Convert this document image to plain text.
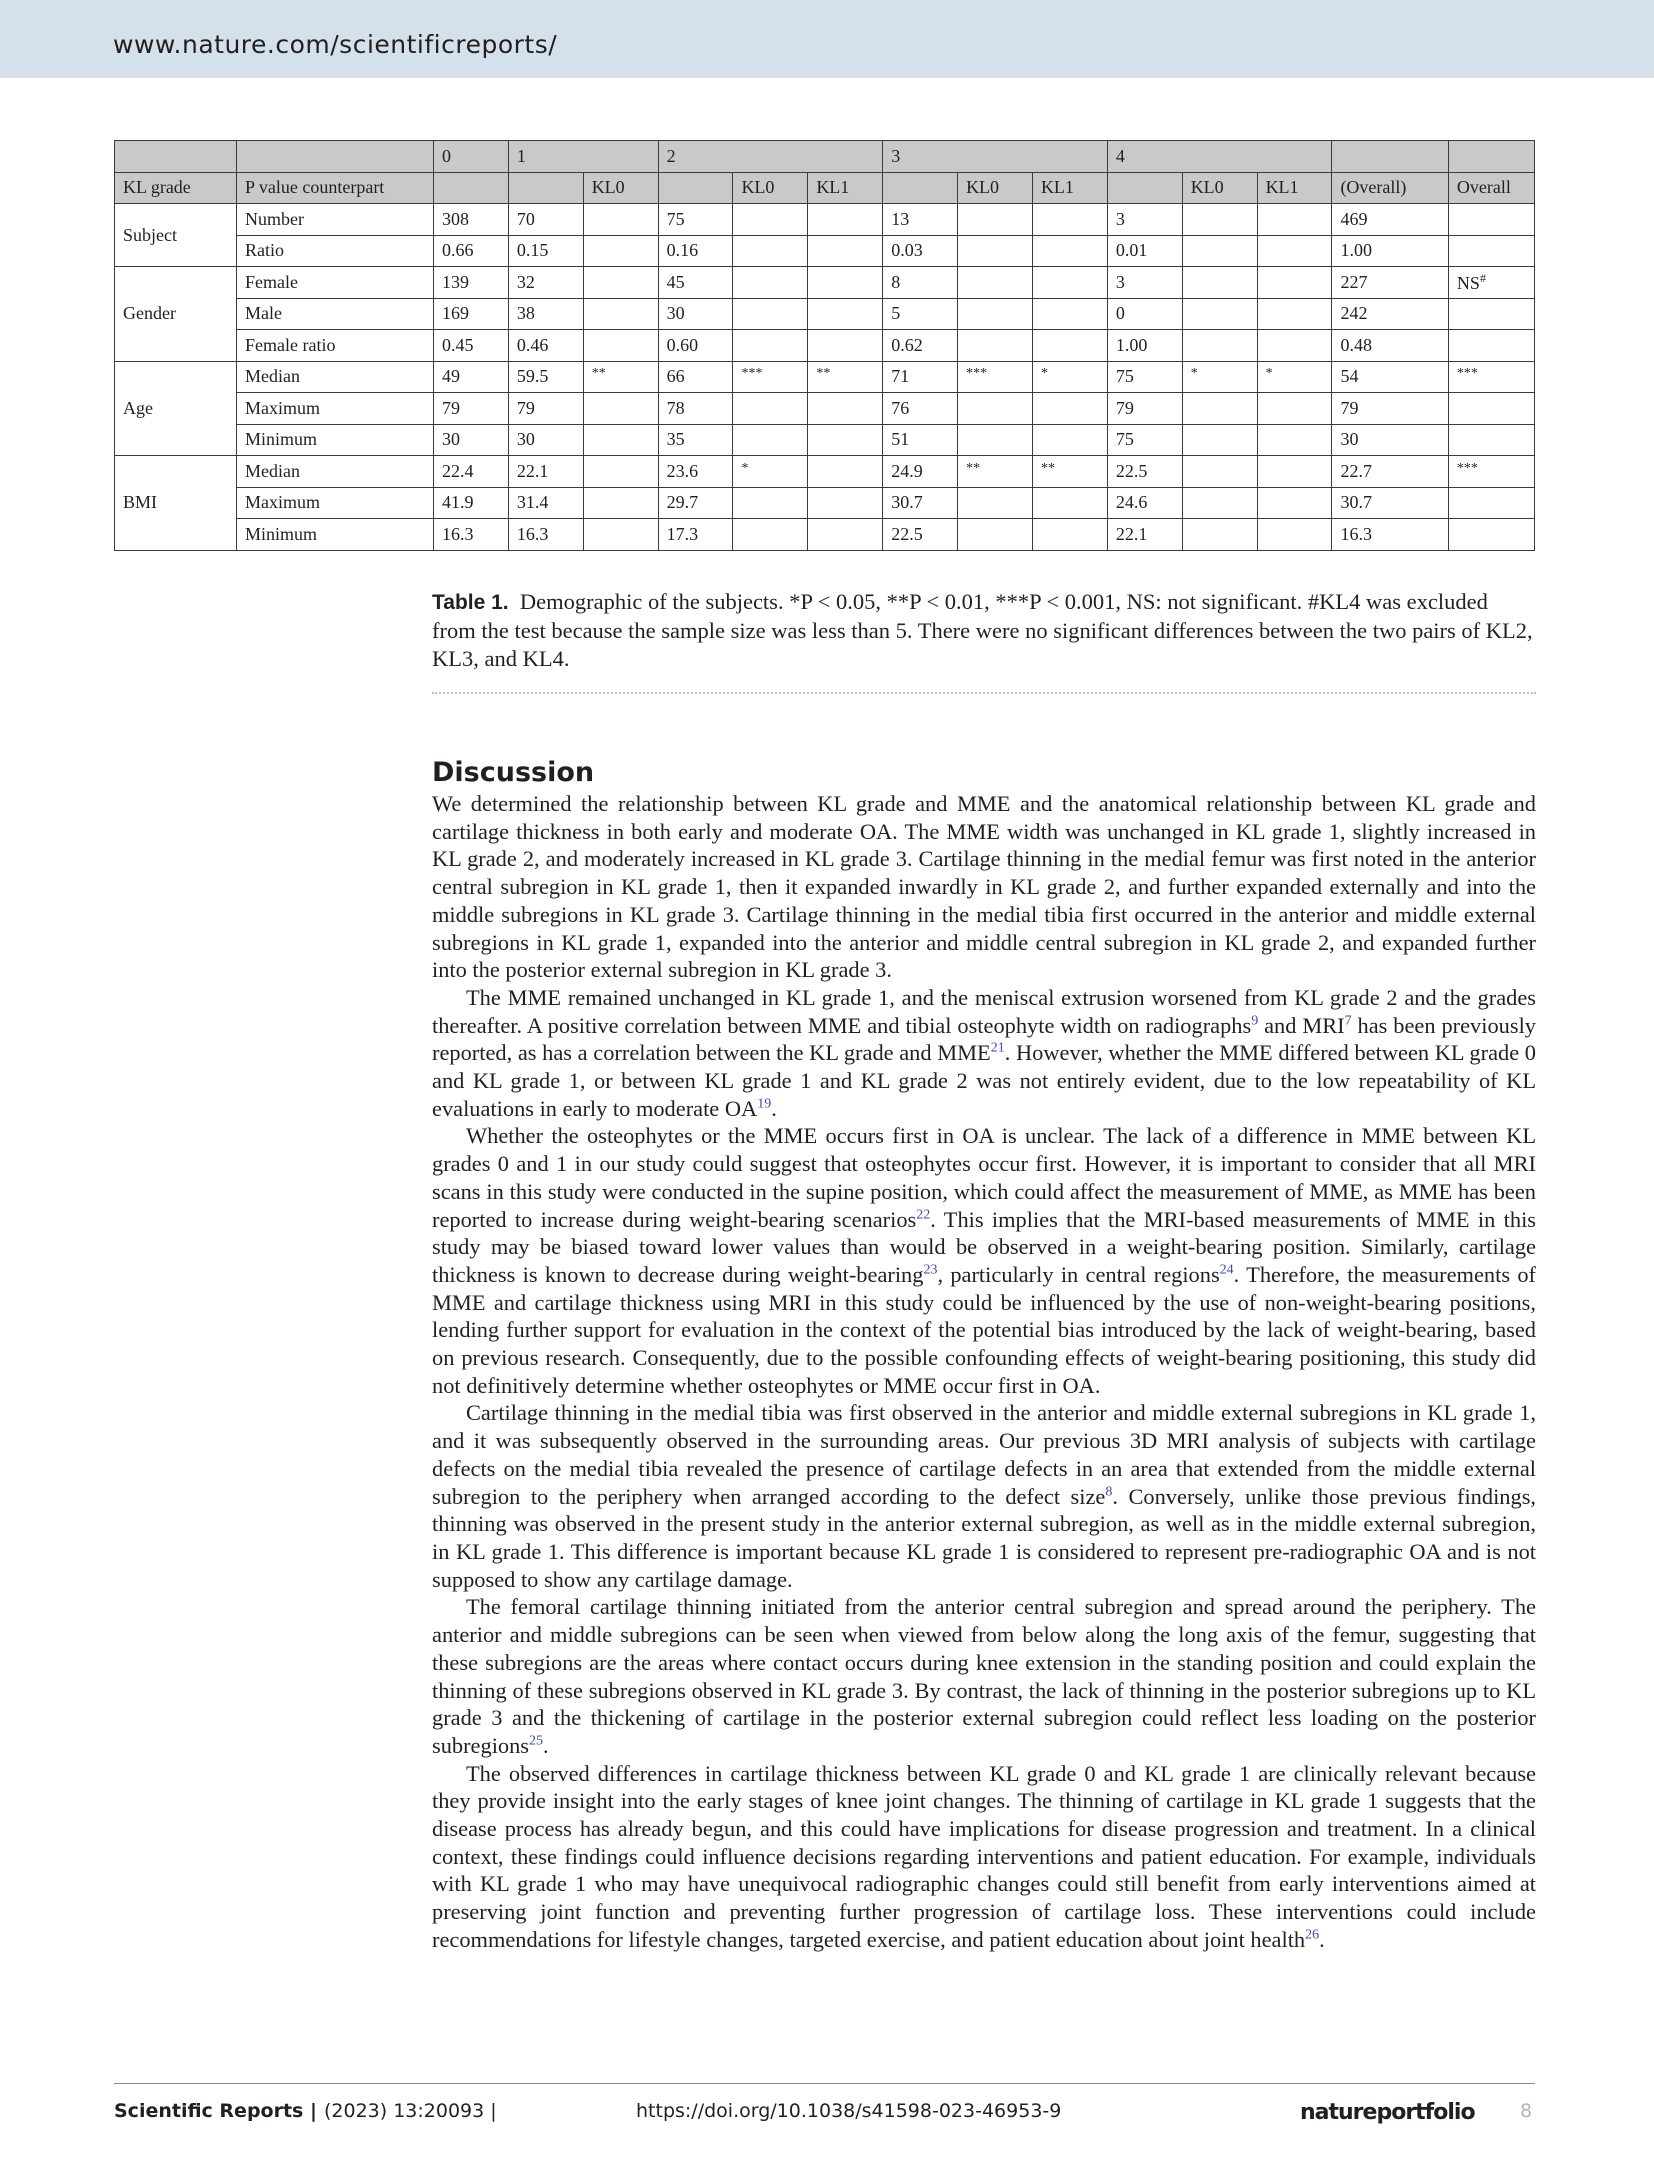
www.nature.com/scientificreports/
		0	1		2			3			4				
KL grade	P value counterpart			KL0		KL0	KL1		KL0	KL1		KL0	KL1	(Overall)	Overall
Subject	Number	308	70		75			13			3			469	
	Ratio	0.66	0.15		0.16			0.03			0.01			1.00	
Gender	Female	139	32		45			8			3			227	NS#
	Male	169	38		30			5			0			242	
	Female ratio	0.45	0.46		0.60			0.62			1.00			0.48	
Age	Median	49	59.5	**	66	***	**	71	***	*	75	*	*	54	***
	Maximum	79	79		78			76			79			79	
	Minimum	30	30		35			51			75			30	
BMI	Median	22.4	22.1		23.6	*		24.9	**	**	22.5			22.7	***
	Maximum	41.9	31.4		29.7			30.7			24.6			30.7	
	Minimum	16.3	16.3		17.3			22.5			22.1			16.3	
Table 1. Demographic of the subjects. *P < 0.05, **P < 0.01, ***P < 0.001, NS: not significant. #KL4 was excluded from the test because the sample size was less than 5. There were no significant differences between the two pairs of KL2, KL3, and KL4.
Discussion

We determined the relationship between KL grade and MME and the anatomical relationship between KL grade and cartilage thickness in both early and moderate OA. The MME width was unchanged in KL grade 1, slightly increased in KL grade 2, and moderately increased in KL grade 3. Cartilage thinning in the medial femur was first noted in the anterior central subregion in KL grade 1, then it expanded inwardly in KL grade 2, and further expanded externally and into the middle subregions in KL grade 3. Cartilage thinning in the medial tibia first occurred in the anterior and middle external subregions in KL grade 1, expanded into the anterior and middle central subregion in KL grade 2, and expanded further into the posterior external subregion in KL grade 3.

The MME remained unchanged in KL grade 1, and the meniscal extrusion worsened from KL grade 2 and the grades thereafter. A positive correlation between MME and tibial osteophyte width on radiographs$^9$ and MRI$^7$ has been previously reported, as has a correlation between the KL grade and MME$^{21}$. However, whether the MME differed between KL grade 0 and KL grade 1, or between KL grade 1 and KL grade 2 was not entirely evident, due to the low repeatability of KL evaluations in early to moderate OA$^{19}$.

Whether the osteophytes or the MME occurs first in OA is unclear. The lack of a difference in MME between KL grades 0 and 1 in our study could suggest that osteophytes occur first. However, it is important to consider that all MRI scans in this study were conducted in the supine position, which could affect the measurement of MME, as MME has been reported to increase during weight-bearing scenarios$^{22}$. This implies that the MRI-based measurements of MME in this study may be biased toward lower values than would be observed in a weight-bearing position. Similarly, cartilage thickness is known to decrease during weight-bearing$^{23}$, particularly in central regions$^{24}$. Therefore, the measurements of MME and cartilage thickness using MRI in this study could be influenced by the use of non-weight-bearing positions, lending further support for evaluation in the context of the potential bias introduced by the lack of weight-bearing, based on previous research. Consequently, due to the possible confounding effects of weight-bearing positioning, this study did not definitively determine whether osteophytes or MME occur first in OA.

Cartilage thinning in the medial tibia was first observed in the anterior and middle external subregions in KL grade 1, and it was subsequently observed in the surrounding areas. Our previous 3D MRI analysis of subjects with cartilage defects on the medial tibia revealed the presence of cartilage defects in an area that extended from the middle external subregion to the periphery when arranged according to the defect size$^8$. Conversely, unlike those previous findings, thinning was observed in the present study in the anterior external subregion, as well as in the middle external subregion, in KL grade 1. This difference is important because KL grade 1 is considered to represent pre-radiographic OA and is not supposed to show any cartilage damage.

The femoral cartilage thinning initiated from the anterior central subregion and spread around the periphery. The anterior and middle subregions can be seen when viewed from below along the long axis of the femur, suggesting that these subregions are the areas where contact occurs during knee extension in the standing position and could explain the thinning of these subregions observed in KL grade 3. By contrast, the lack of thinning in the posterior subregions up to KL grade 3 and the thickening of cartilage in the posterior external subregion could reflect less loading on the posterior subregions$^{25}$.

The observed differences in cartilage thickness between KL grade 0 and KL grade 1 are clinically relevant because they provide insight into the early stages of knee joint changes. The thinning of cartilage in KL grade 1 suggests that the disease process has already begun, and this could have implications for disease progression and treatment. In a clinical context, these findings could influence decisions regarding interventions and patient education. For example, individuals with KL grade 1 who may have unequivocal radiographic changes could still benefit from early interventions aimed at preserving joint function and preventing further progression of cartilage loss. These interventions could include recommendations for lifestyle changes, targeted exercise, and patient education about joint health$^{26}$.

Scientific Reports | (2023) 13:20093 |	https://doi.org/10.1038/s41598-023-46953-9	natureportfolio 8
